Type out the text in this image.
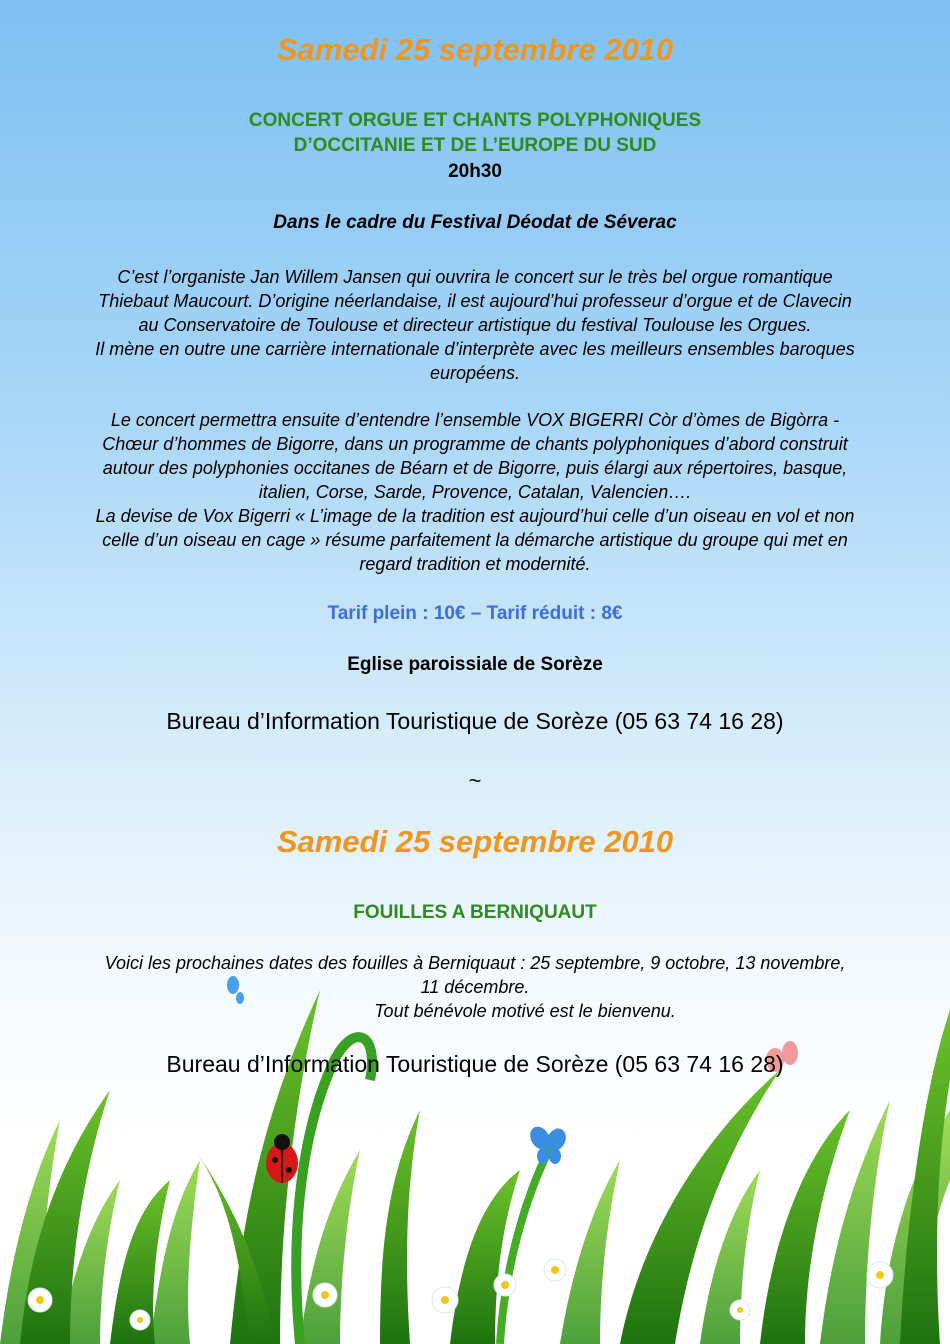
Samedi 25 septembre 2010
CONCERT ORGUE ET CHANTS POLYPHONIQUES
D’OCCITANIE ET DE L’EUROPE DU SUD
20h30
Dans le cadre du Festival Déodat de Séverac
C’est l’organiste Jan Willem Jansen qui ouvrira le concert sur le très bel orgue romantique
Thiebaut Maucourt. D’origine néerlandaise, il est aujourd’hui professeur d’orgue et de Clavecin
au Conservatoire de Toulouse et directeur artistique du festival Toulouse les Orgues.
Il mène en outre une carrière internationale d’interprète avec les meilleurs ensembles baroques
européens.
Le concert permettra ensuite d’entendre l’ensemble VOX BIGERRI Còr d’òmes de Bigòrra -
Chœur d’hommes de Bigorre, dans un programme de chants polyphoniques d’abord construit
autour des polyphonies occitanes de Béarn et de Bigorre, puis élargi aux répertoires, basque,
italien, Corse, Sarde, Provence, Catalan, Valencien….
La devise de Vox Bigerri « L’image de la tradition est aujourd’hui celle d’un oiseau en vol et non
celle d’un oiseau en cage » résume parfaitement la démarche artistique du groupe qui met en
regard tradition et modernité.
Tarif plein : 10€ – Tarif réduit : 8€
Eglise paroissiale de Sorèze
Bureau d’Information Touristique de Sorèze (05 63 74 16 28)
~
Samedi 25 septembre 2010
FOUILLES A BERNIQUAUT
Voici les prochaines dates des fouilles à Berniquaut : 25 septembre, 9 octobre, 13 novembre,
11 décembre.
Tout bénévole motivé est le bienvenu.
Bureau d’Information Touristique de Sorèze (05 63 74 16 28)
